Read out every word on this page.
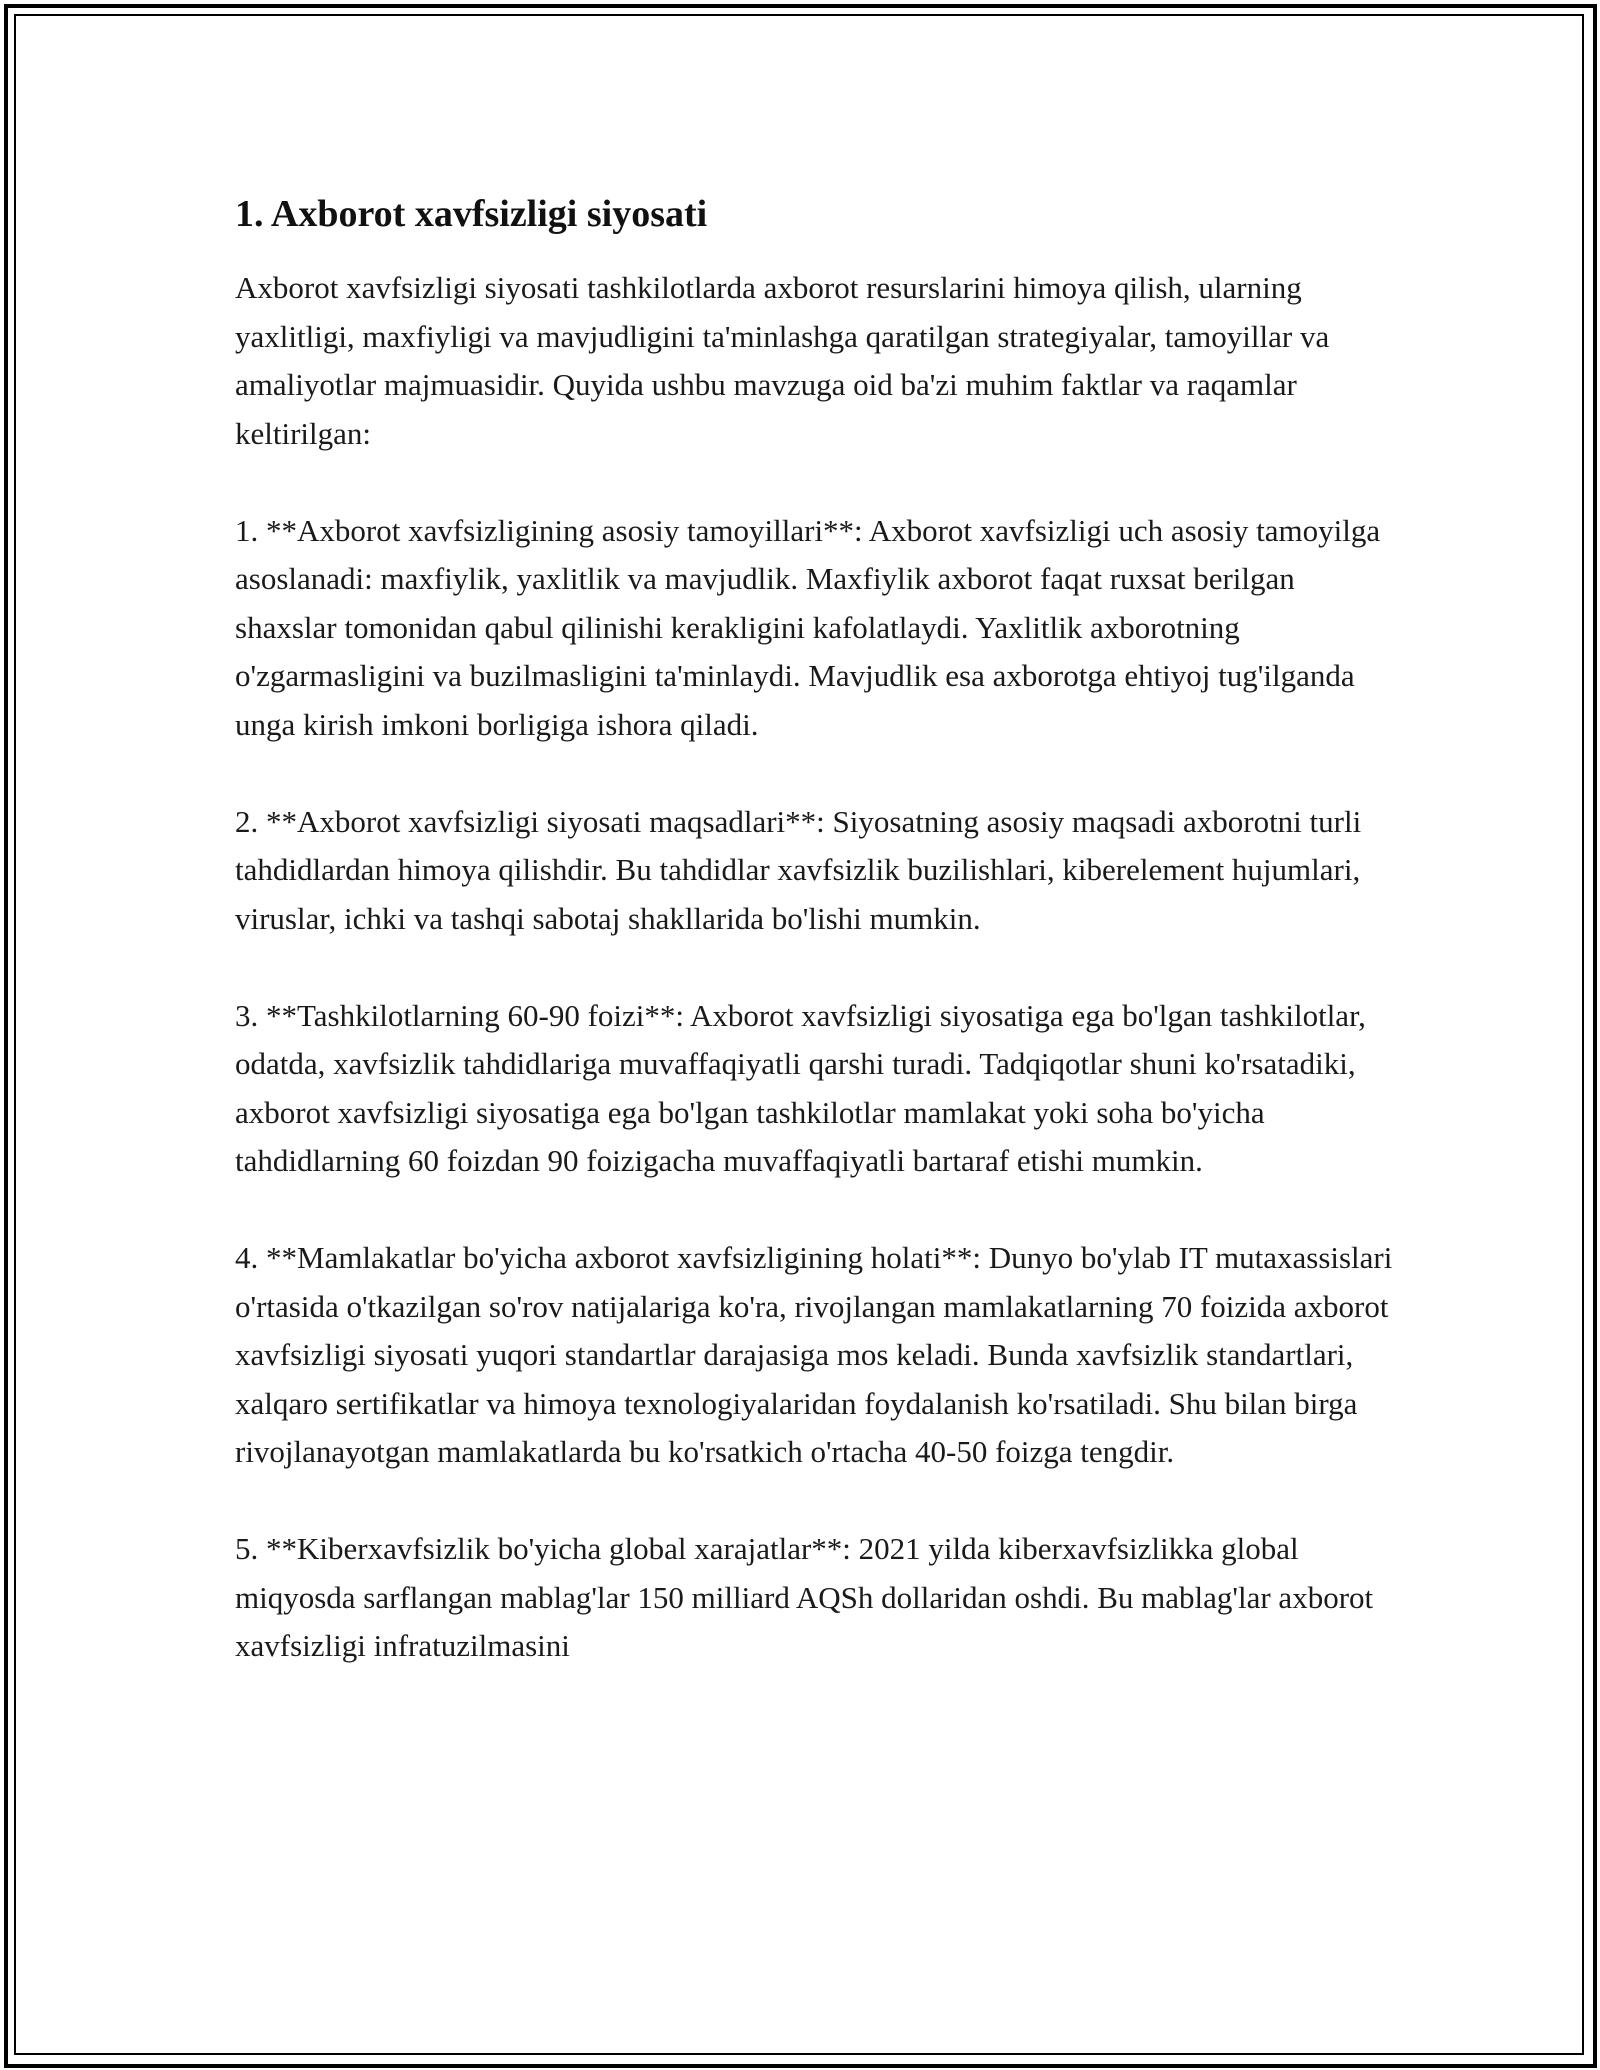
1. Axborot xavfsizligi siyosati

Axborot xavfsizligi siyosati tashkilotlarda axborot resurslarini himoya qilish, ularning yaxlitligi, maxfiyligi va mavjudligini ta'minlashga qaratilgan strategiyalar, tamoyillar va amaliyotlar majmuasidir. Quyida ushbu mavzuga oid ba'zi muhim faktlar va raqamlar keltirilgan:

1. **Axborot xavfsizligining asosiy tamoyillari**: Axborot xavfsizligi uch asosiy tamoyilga asoslanadi: maxfiylik, yaxlitlik va mavjudlik. Maxfiylik axborot faqat ruxsat berilgan shaxslar tomonidan qabul qilinishi kerakligini kafolatlaydi. Yaxlitlik axborotning o'zgarmasligini va buzilmasligini ta'minlaydi. Mavjudlik esa axborotga ehtiyoj tug'ilganda unga kirish imkoni borligiga ishora qiladi.

2. **Axborot xavfsizligi siyosati maqsadlari**: Siyosatning asosiy maqsadi axborotni turli tahdidlardan himoya qilishdir. Bu tahdidlar xavfsizlik buzilishlari, kiberelement hujumlari, viruslar, ichki va tashqi sabotaj shakllarida bo'lishi mumkin.

3. **Tashkilotlarning 60-90 foizi**: Axborot xavfsizligi siyosatiga ega bo'lgan tashkilotlar, odatda, xavfsizlik tahdidlariga muvaffaqiyatli qarshi turadi. Tadqiqotlar shuni ko'rsatadiki, axborot xavfsizligi siyosatiga ega bo'lgan tashkilotlar mamlakat yoki soha bo'yicha tahdidlarning 60 foizdan 90 foizigacha muvaffaqiyatli bartaraf etishi mumkin.

4. **Mamlakatlar bo'yicha axborot xavfsizligining holati**: Dunyo bo'ylab IT mutaxassislari o'rtasida o'tkazilgan so'rov natijalariga ko'ra, rivojlangan mamlakatlarning 70 foizida axborot xavfsizligi siyosati yuqori standartlar darajasiga mos keladi. Bunda xavfsizlik standartlari, xalqaro sertifikatlar va himoya texnologiyalaridan foydalanish ko'rsatiladi. Shu bilan birga rivojlanayotgan mamlakatlarda bu ko'rsatkich o'rtacha 40-50 foizga tengdir.

5. **Kiberxavfsizlik bo'yicha global xarajatlar**: 2021 yilda kiberxavfsizlikka global miqyosda sarflangan mablag'lar 150 milliard AQSh dollaridan oshdi. Bu mablag'lar axborot xavfsizligi infratuzilmasini
